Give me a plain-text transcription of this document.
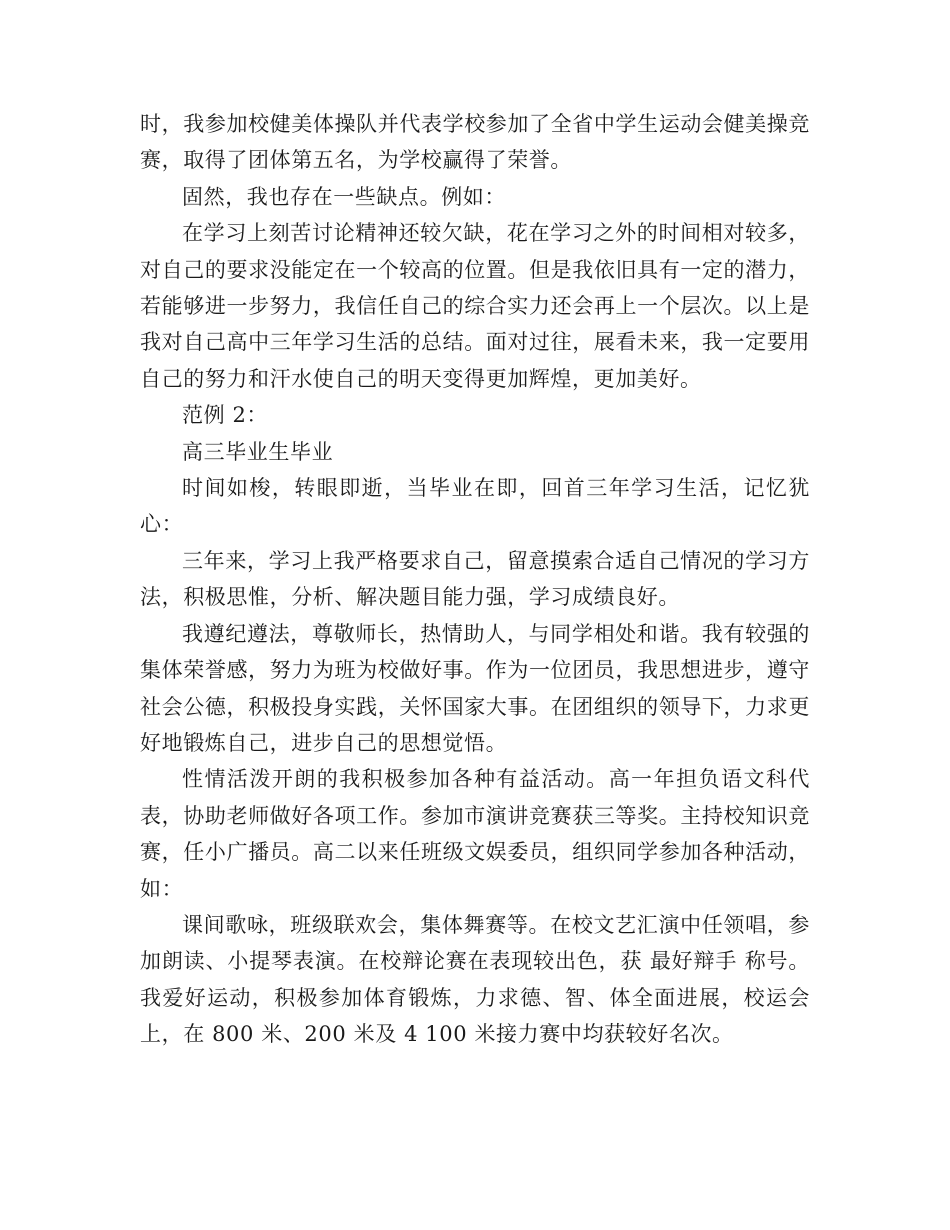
时，我参加校健美体操队并代表学校参加了全省中学生运动会健美操竞赛，取得了团体第五名，为学校赢得了荣誉。

固然，我也存在一些缺点。例如：

在学习上刻苦讨论精神还较欠缺，花在学习之外的时间相对较多，对自己的要求没能定在一个较高的位置。但是我依旧具有一定的潜力，若能够进一步努力，我信任自己的综合实力还会再上一个层次。以上是我对自己高中三年学习生活的总结。面对过往，展看未来，我一定要用自己的努力和汗水使自己的明天变得更加辉煌，更加美好。

范例 2：

高三毕业生毕业

时间如梭，转眼即逝，当毕业在即，回首三年学习生活，记忆犹心：

三年来，学习上我严格要求自己，留意摸索合适自己情况的学习方法，积极思惟，分析、解决题目能力强，学习成绩良好。

我遵纪遵法，尊敬师长，热情助人，与同学相处和谐。我有较强的集体荣誉感，努力为班为校做好事。作为一位团员，我思想进步，遵守社会公德，积极投身实践，关怀国家大事。在团组织的领导下，力求更好地锻炼自己，进步自己的思想觉悟。

性情活泼开朗的我积极参加各种有益活动。高一年担负语文科代表，协助老师做好各项工作。参加市演讲竞赛获三等奖。主持校知识竞赛，任小广播员。高二以来任班级文娱委员，组织同学参加各种活动，如：

课间歌咏，班级联欢会，集体舞赛等。在校文艺汇演中任领唱，参加朗读、小提琴表演。在校辩论赛在表现较出色，获 最好辩手 称号。我爱好运动，积极参加体育锻炼，力求德、智、体全面进展，校运会上，在 800 米、200 米及 4 100 米接力赛中均获较好名次。
